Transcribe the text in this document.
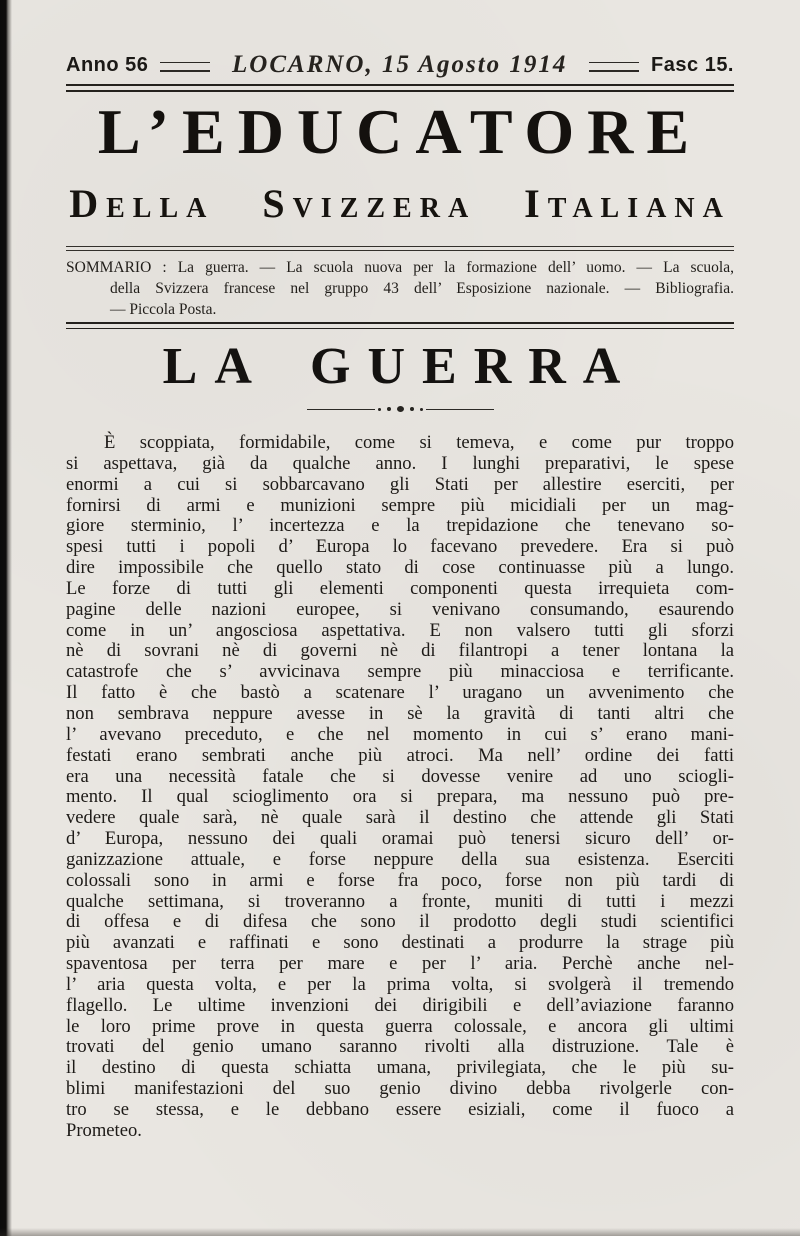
Anno 56	LOCARNO, 15 Agosto 1914	Fasc 15.
L’EDUCATORE
Della Svizzera Italiana
SOMMARIO : La guerra. — La scuola nuova per la formazione dell’ uomo. — La scuola,
della Svizzera francese nel gruppo 43 dell’ Esposizione nazionale. — Bibliografia.
— Piccola Posta.
LA GUERRA
È scoppiata, formidabile, come si temeva, e come pur troppo
si aspettava, già da qualche anno. I lunghi preparativi, le spese
enormi a cui si sobbarcavano gli Stati per allestire eserciti, per
fornirsi di armi e munizioni sempre più micidiali per un mag-
giore sterminio, l’ incertezza e la trepidazione che tenevano so-
spesi tutti i popoli d’ Europa lo facevano prevedere. Era si può
dire impossibile che quello stato di cose continuasse più a lungo.
Le forze di tutti gli elementi componenti questa irrequieta com-
pagine delle nazioni europee, si venivano consumando, esaurendo
come in un’ angosciosa aspettativa. E non valsero tutti gli sforzi
nè di sovrani nè di governi nè di filantropi a tener lontana la
catastrofe che s’ avvicinava sempre più minacciosa e terrificante.
Il fatto è che bastò a scatenare l’ uragano un avvenimento che
non sembrava neppure avesse in sè la gravità di tanti altri che
l’ avevano preceduto, e che nel momento in cui s’ erano mani-
festati erano sembrati anche più atroci. Ma nell’ ordine dei fatti
era una necessità fatale che si dovesse venire ad uno sciogli-
mento. Il qual scioglimento ora si prepara, ma nessuno può pre-
vedere quale sarà, nè quale sarà il destino che attende gli Stati
d’ Europa, nessuno dei quali oramai può tenersi sicuro dell’ or-
ganizzazione attuale, e forse neppure della sua esistenza. Eserciti
colossali sono in armi e forse fra poco, forse non più tardi di
qualche settimana, si troveranno a fronte, muniti di tutti i mezzi
di offesa e di difesa che sono il prodotto degli studi scientifici
più avanzati e raffinati e sono destinati a produrre la strage più
spaventosa per terra per mare e per l’ aria. Perchè anche nel-
l’ aria questa volta, e per la prima volta, si svolgerà il tremendo
flagello. Le ultime invenzioni dei dirigibili e dell’aviazione faranno
le loro prime prove in questa guerra colossale, e ancora gli ultimi
trovati del genio umano saranno rivolti alla distruzione. Tale è
il destino di questa schiatta umana, privilegiata, che le più su-
blimi manifestazioni del suo genio divino debba rivolgerle con-
tro se stessa, e le debbano essere esiziali, come il fuoco a
Prometeo.
